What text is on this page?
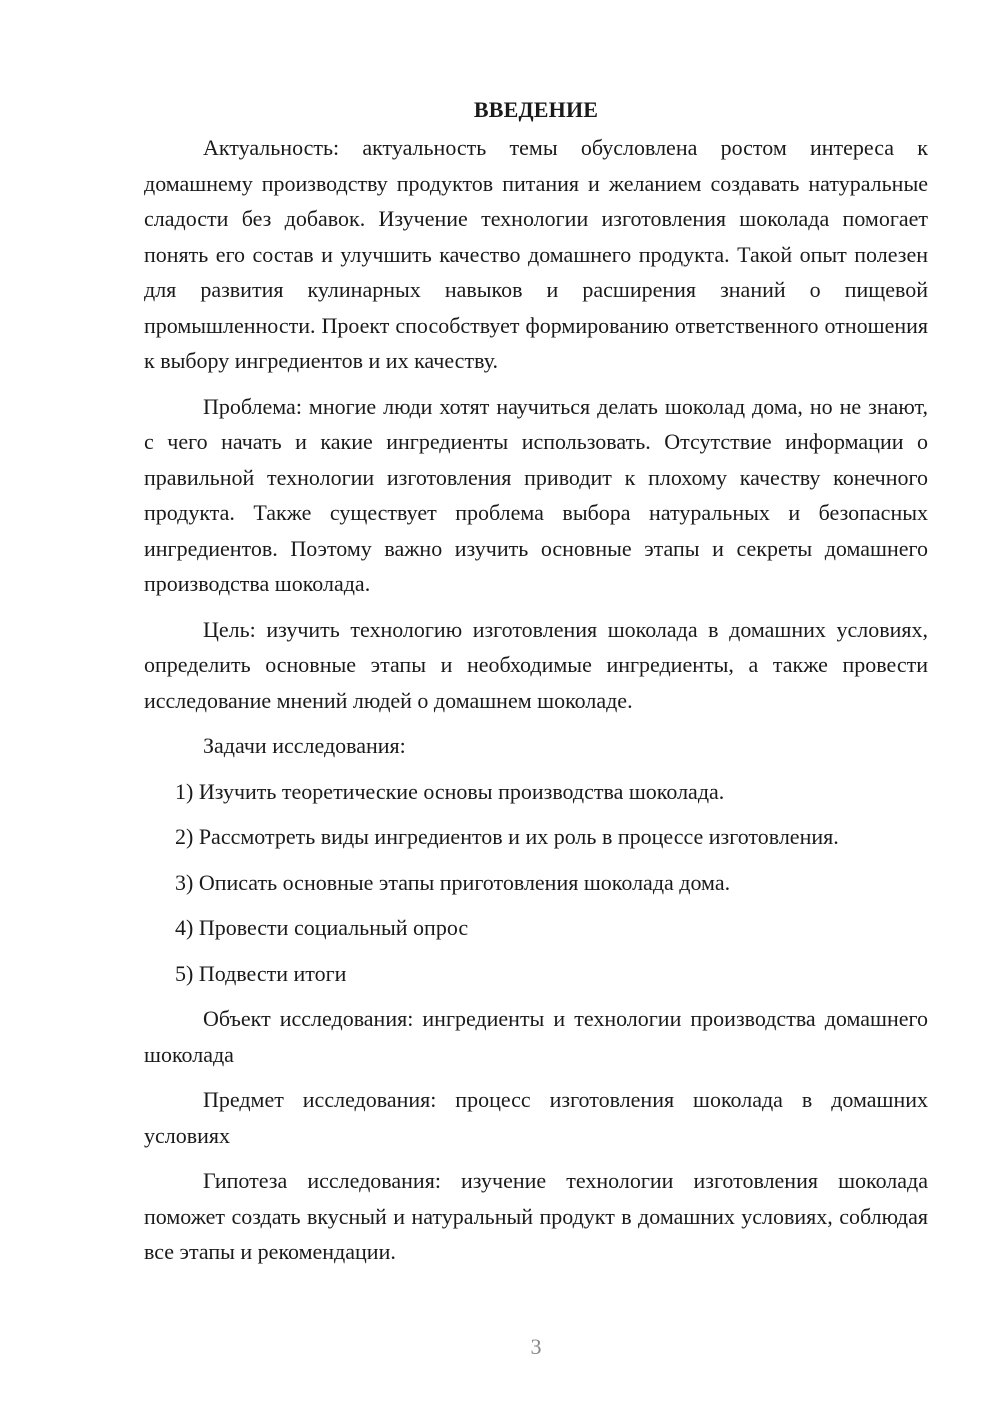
ВВЕДЕНИЕ

Актуальность: актуальность темы обусловлена ростом интереса к домашнему производству продуктов питания и желанием создавать натуральные сладости без добавок. Изучение технологии изготовления шоколада помогает понять его состав и улучшить качество домашнего продукта. Такой опыт полезен для развития кулинарных навыков и расширения знаний о пищевой промышленности. Проект способствует формированию ответственного отношения к выбору ингредиентов и их качеству.

Проблема: многие люди хотят научиться делать шоколад дома, но не знают, с чего начать и какие ингредиенты использовать. Отсутствие информации о правильной технологии изготовления приводит к плохому качеству конечного продукта. Также существует проблема выбора натуральных и безопасных ингредиентов. Поэтому важно изучить основные этапы и секреты домашнего производства шоколада.

Цель: изучить технологию изготовления шоколада в домашних условиях, определить основные этапы и необходимые ингредиенты, а также провести исследование мнений людей о домашнем шоколаде.

Задачи исследования:

1) Изучить теоретические основы производства шоколада.

2) Рассмотреть виды ингредиентов и их роль в процессе изготовления.

3) Описать основные этапы приготовления шоколада дома.

4) Провести социальный опрос

5) Подвести итоги

Объект исследования: ингредиенты и технологии производства домашнего шоколада

Предмет исследования: процесс изготовления шоколада в домашних условиях

Гипотеза исследования: изучение технологии изготовления шоколада поможет создать вкусный и натуральный продукт в домашних условиях, соблюдая все этапы и рекомендации.

3
